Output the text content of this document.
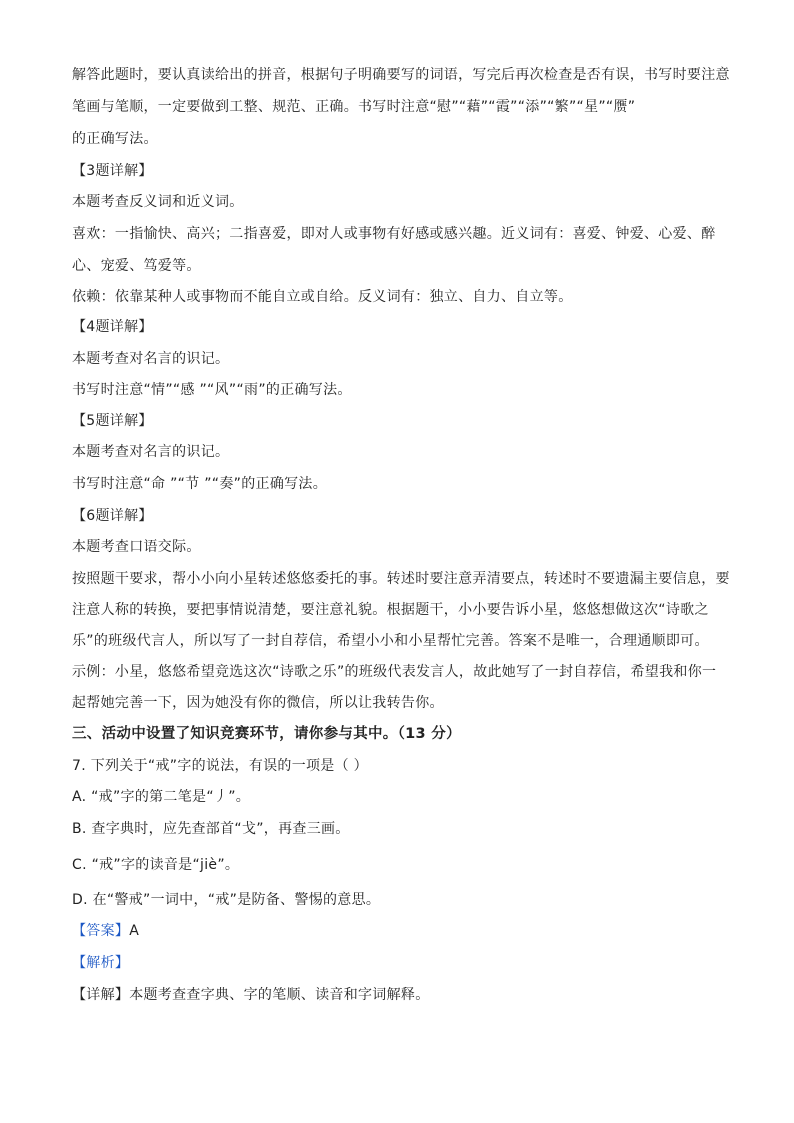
解答此题时，要认真读给出的拼音，根据句子明确要写的词语，写完后再次检查是否有误，书写时要注意
笔画与笔顺，一定要做到工整、规范、正确。书写时注意“慰”“藉”“霞”“添”“繁”“星”“赝”
的正确写法。
【3题详解】
本题考查反义词和近义词。
喜欢：一指愉快、高兴；二指喜爱，即对人或事物有好感或感兴趣。近义词有：喜爱、钟爱、心爱、醉
心、宠爱、笃爱等。
依赖：依靠某种人或事物而不能自立或自给。反义词有：独立、自力、自立等。
【4题详解】
本题考查对名言的识记。
书写时注意“情”“感 ”“风”“雨”的正确写法。
【5题详解】
本题考查对名言的识记。
书写时注意“命 ”“节 ”“奏”的正确写法。
【6题详解】
本题考查口语交际。
按照题干要求，帮小小向小星转述悠悠委托的事。转述时要注意弄清要点，转述时不要遗漏主要信息，要
注意人称的转换，要把事情说清楚，要注意礼貌。根据题干，小小要告诉小星，悠悠想做这次“诗歌之
乐”的班级代言人，所以写了一封自荐信，希望小小和小星帮忙完善。答案不是唯一，合理通顺即可。
示例：小星，悠悠希望竞选这次“诗歌之乐”的班级代表发言人，故此她写了一封自荐信，希望我和你一
起帮她完善一下，因为她没有你的微信，所以让我转告你。
三、活动中设置了知识竞赛环节，请你参与其中。（13 分）
7. 下列关于“戒”字的说法，有误的一项是（ ）
A. “戒”字的第二笔是“丿”。
B. 查字典时，应先查部首“戈”，再查三画。
C. “戒”字的读音是“jiè”。
D. 在“警戒”一词中，“戒”是防备、警惕的意思。
【答案】A
【解析】
【详解】本题考查查字典、字的笔顺、读音和字词解释。
